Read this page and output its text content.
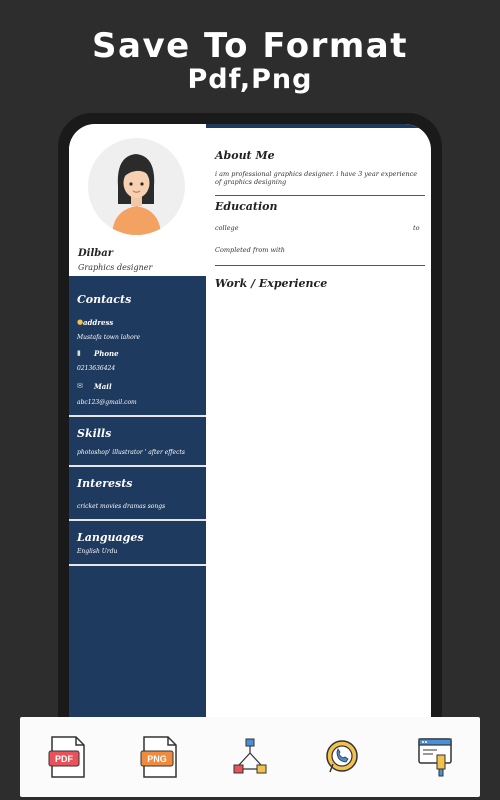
Save To Format
Pdf,Png
Dilbar
Graphics designer
Contacts
● address
Mustafa town lahore
▮ Phone
0213636424
✉ Mail
abc123@gmail.com
Skills
photoshop' illustrator ' after effects
Interests
cricket movies dramas songs
Languages
English Urdu
About Me
i am professional graphics designer. i have 3 year experience of graphics designing
Education
college	to
Completed from with
Work / Experience
PDF	PNG
